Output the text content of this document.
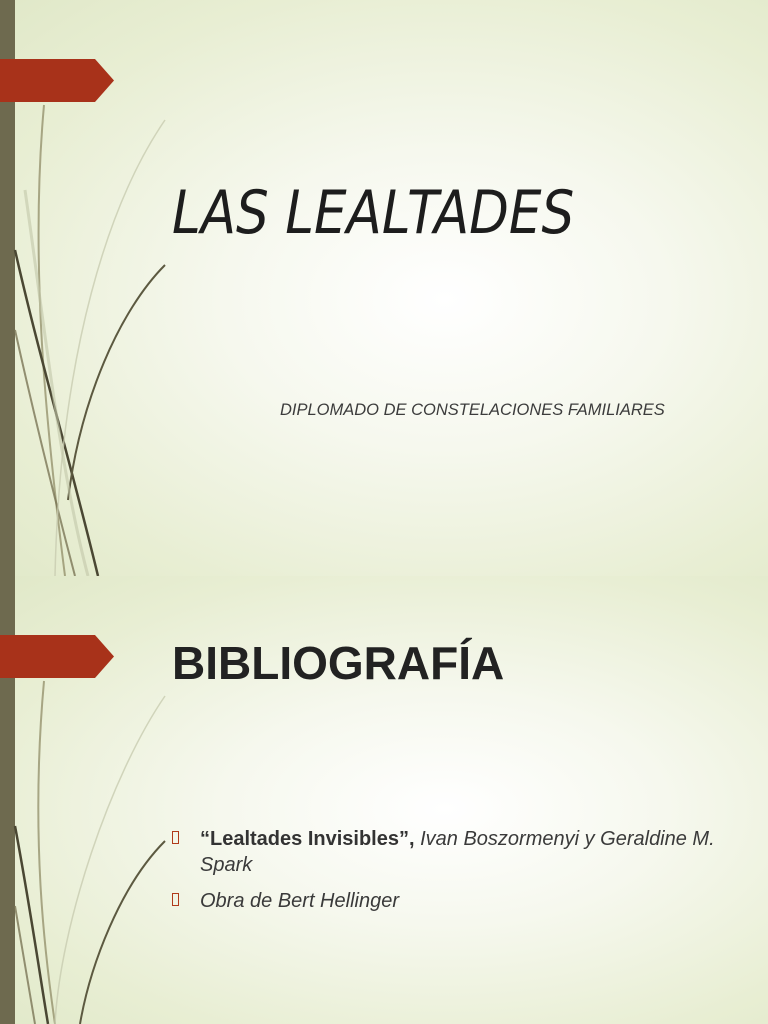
LAS LEALTADES
DIPLOMADO DE CONSTELACIONES FAMILIARES
BIBLIOGRAFÍA
“Lealtades Invisibles”, Ivan Boszormenyi y Geraldine M. Spark
Obra de Bert Hellinger
